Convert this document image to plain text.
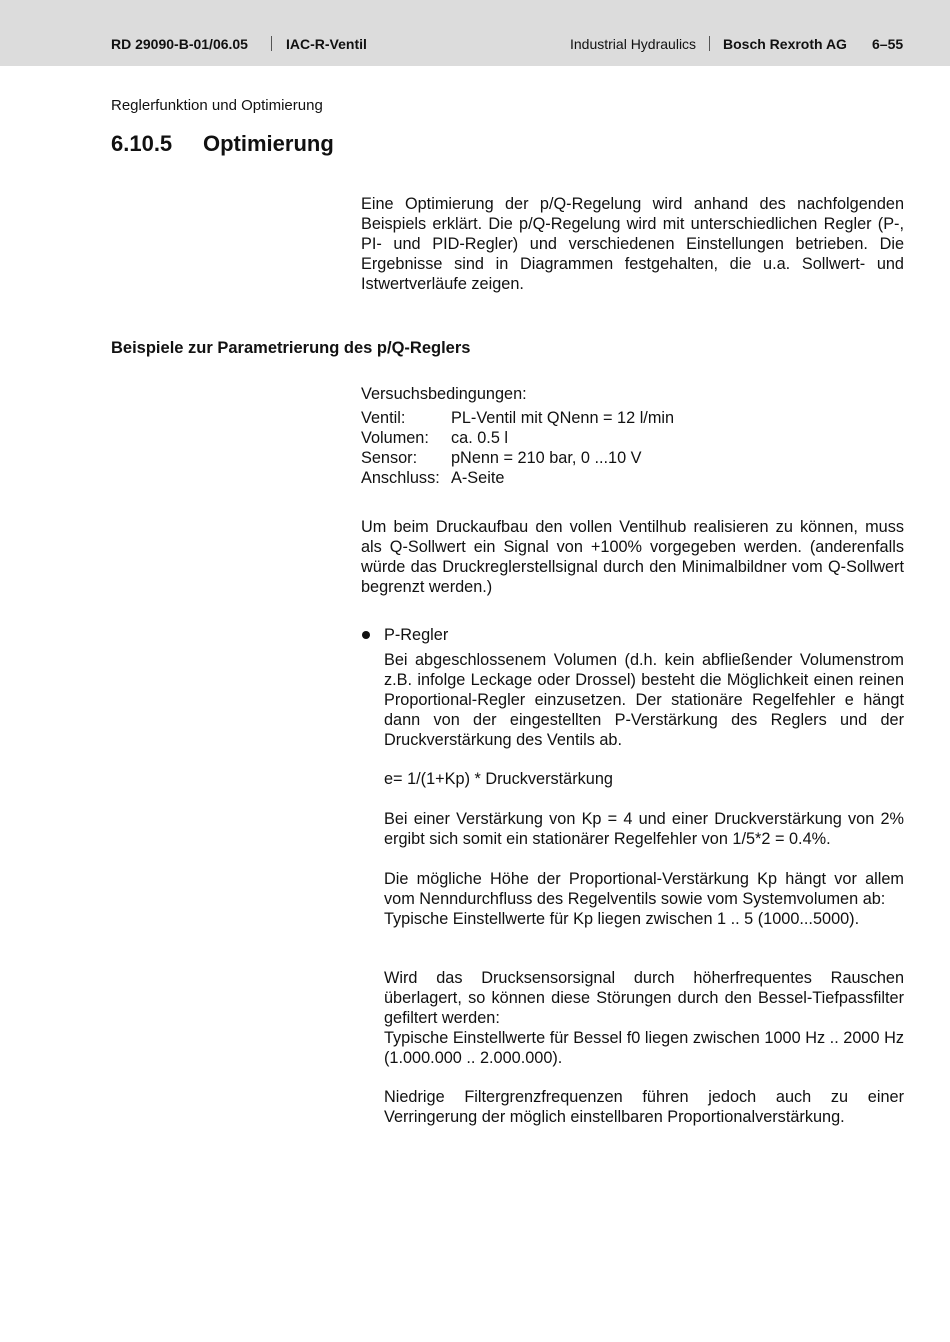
RD 29090-B-01/06.05	IAC-R-Ventil	Industrial Hydraulics Bosch Rexroth AG 6–55
Reglerfunktion und Optimierung
6.10.5 Optimierung
Eine Optimierung der p/Q-Regelung wird anhand des nachfolgenden Beispiels erklärt. Die p/Q-Regelung wird mit unterschiedlichen Regler (P-, PI- und PID-Regler) und verschiedenen Einstellungen betrieben. Die Ergebnisse sind in Diagrammen festgehalten, die u.a. Sollwert- und Istwertverläufe zeigen.
Beispiele zur Parametrierung des p/Q-Reglers
Versuchsbedingungen:
Ventil:	PL-Ventil mit QNenn = 12 l/min
Volumen: ca. 0.5 l
Sensor: pNenn = 210 bar, 0 ...10 V
Anschluss: A-Seite
Um beim Druckaufbau den vollen Ventilhub realisieren zu können, muss als Q-Sollwert ein Signal von +100% vorgegeben werden. (anderenfalls würde das Druckreglerstellsignal durch den Minimalbildner vom Q-Sollwert begrenzt werden.)
P-Regler
Bei abgeschlossenem Volumen (d.h. kein abfließender Volumenstrom z.B. infolge Leckage oder Drossel) besteht die Möglichkeit einen reinen Proportional-Regler einzusetzen. Der stationäre Regelfehler e hängt dann von der eingestellten P-Verstärkung des Reglers und der Druckverstärkung des Ventils ab.
e= 1/(1+Kp) * Druckverstärkung
Bei einer Verstärkung von Kp = 4 und einer Druckverstärkung von 2% ergibt sich somit ein stationärer Regelfehler von 1/5*2 = 0.4%.
Die mögliche Höhe der Proportional-Verstärkung Kp hängt vor allem vom Nenndurchfluss des Regelventils sowie vom Systemvolumen ab:
Typische Einstellwerte für Kp liegen zwischen 1 .. 5 (1000...5000).
Wird das Drucksensorsignal durch höherfrequentes Rauschen überlagert, so können diese Störungen durch den Bessel-Tiefpassfilter gefiltert werden:
Typische Einstellwerte für Bessel f0 liegen zwischen 1000 Hz .. 2000 Hz (1.000.000 .. 2.000.000).
Niedrige Filtergrenzfrequenzen führen jedoch auch zu einer Verringerung der möglich einstellbaren Proportionalverstärkung.
